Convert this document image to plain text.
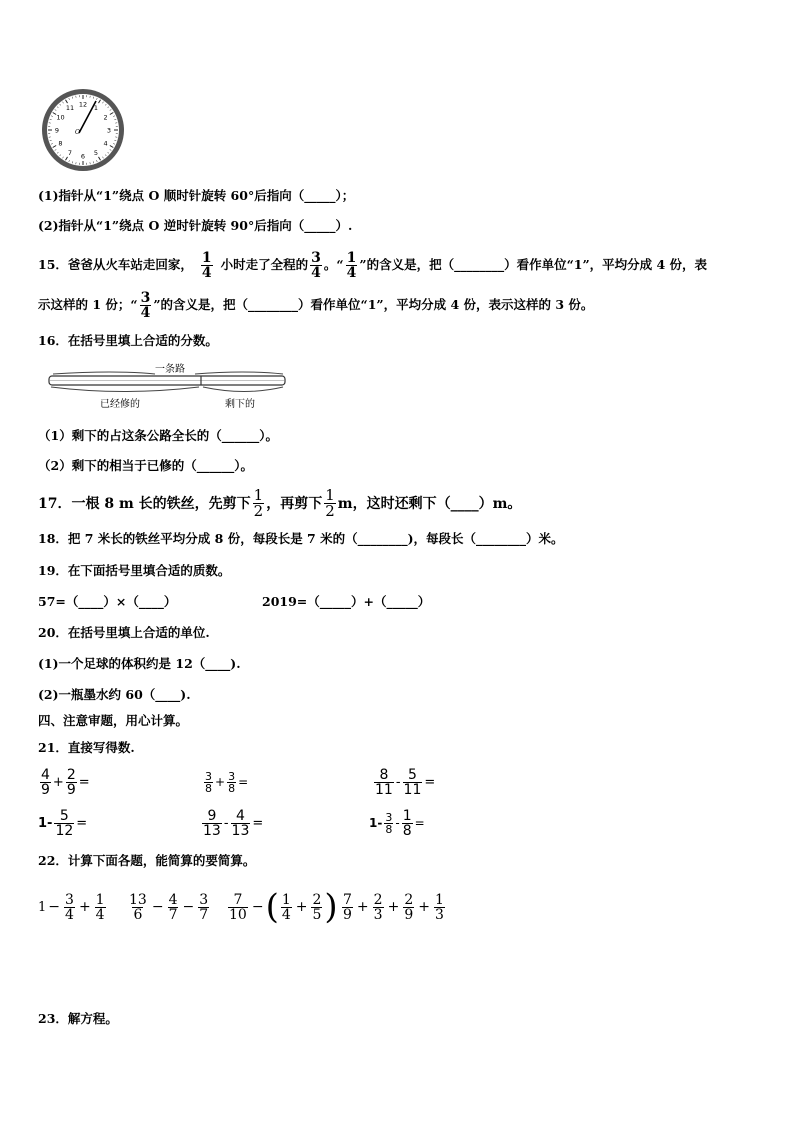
12 1
2
3
4
5
6
7
8
9
10
11
O
(1)指针从“1”绕点 O 顺时针旋转 60°后指向（_____）；
(2)指针从“1”绕点 O 逆时针旋转 90°后指向（_____）.
15．爸爸从火车站走回家， $\frac{1}{4}$ 小时走了全程的 $\frac{3}{4}$ 。“ $\frac{1}{4}$ ”的含义是，把（________）看作单位“1”，平均分成 4 份，表
示这样的 1 份；“ $\frac{3}{4}$ ”的含义是，把（________）看作单位“1”，平均分成 4 份，表示这样的 3 份。
16．在括号里填上合适的分数。
一条路
已经修的	剩下的
（1）剩下的占这条公路全长的（______）。
（2）剩下的相当于已修的（______）。
17．一根 8 m 长的铁丝，先剪下 $\frac{1}{2}$ ，再剪下 $\frac{1}{2}$ m，这时还剩下（____）m。
18．把 7 米长的铁丝平均分成 8 份，每段长是 7 米的（________)，每段长（________）米。
19．在下面括号里填合适的质数。
57=（____）×（____）	2019=（_____）+（_____）
20．在括号里填上合适的单位.
(1)一个足球的体积约是 12（____).
(2)一瓶墨水约 60（____).
四、注意审题，用心计算。
21．直接写得数.
$\frac{4}{9} + \frac{2}{9}$ =	$\frac{3}{8} + \frac{3}{8}$ =	$\frac{8}{11} - \frac{5}{11}$ =
$1- \frac{5}{12}$ =	$\frac{9}{13} - \frac{4}{13}$ =	$1- \frac{3}{8} - \frac{1}{8}$ =
22．计算下面各题，能简算的要简算。
$1 - \frac{3}{4} + \frac{1}{4} \frac{13}{6} - \frac{4}{7} - \frac{3}{7} \frac{7}{10}$ − ( $\frac{1}{4} + \frac{2}{5}$ ) $\frac{7}{9} + \frac{2}{3} + \frac{2}{9} + \frac{1}{3}$
23．解方程。
